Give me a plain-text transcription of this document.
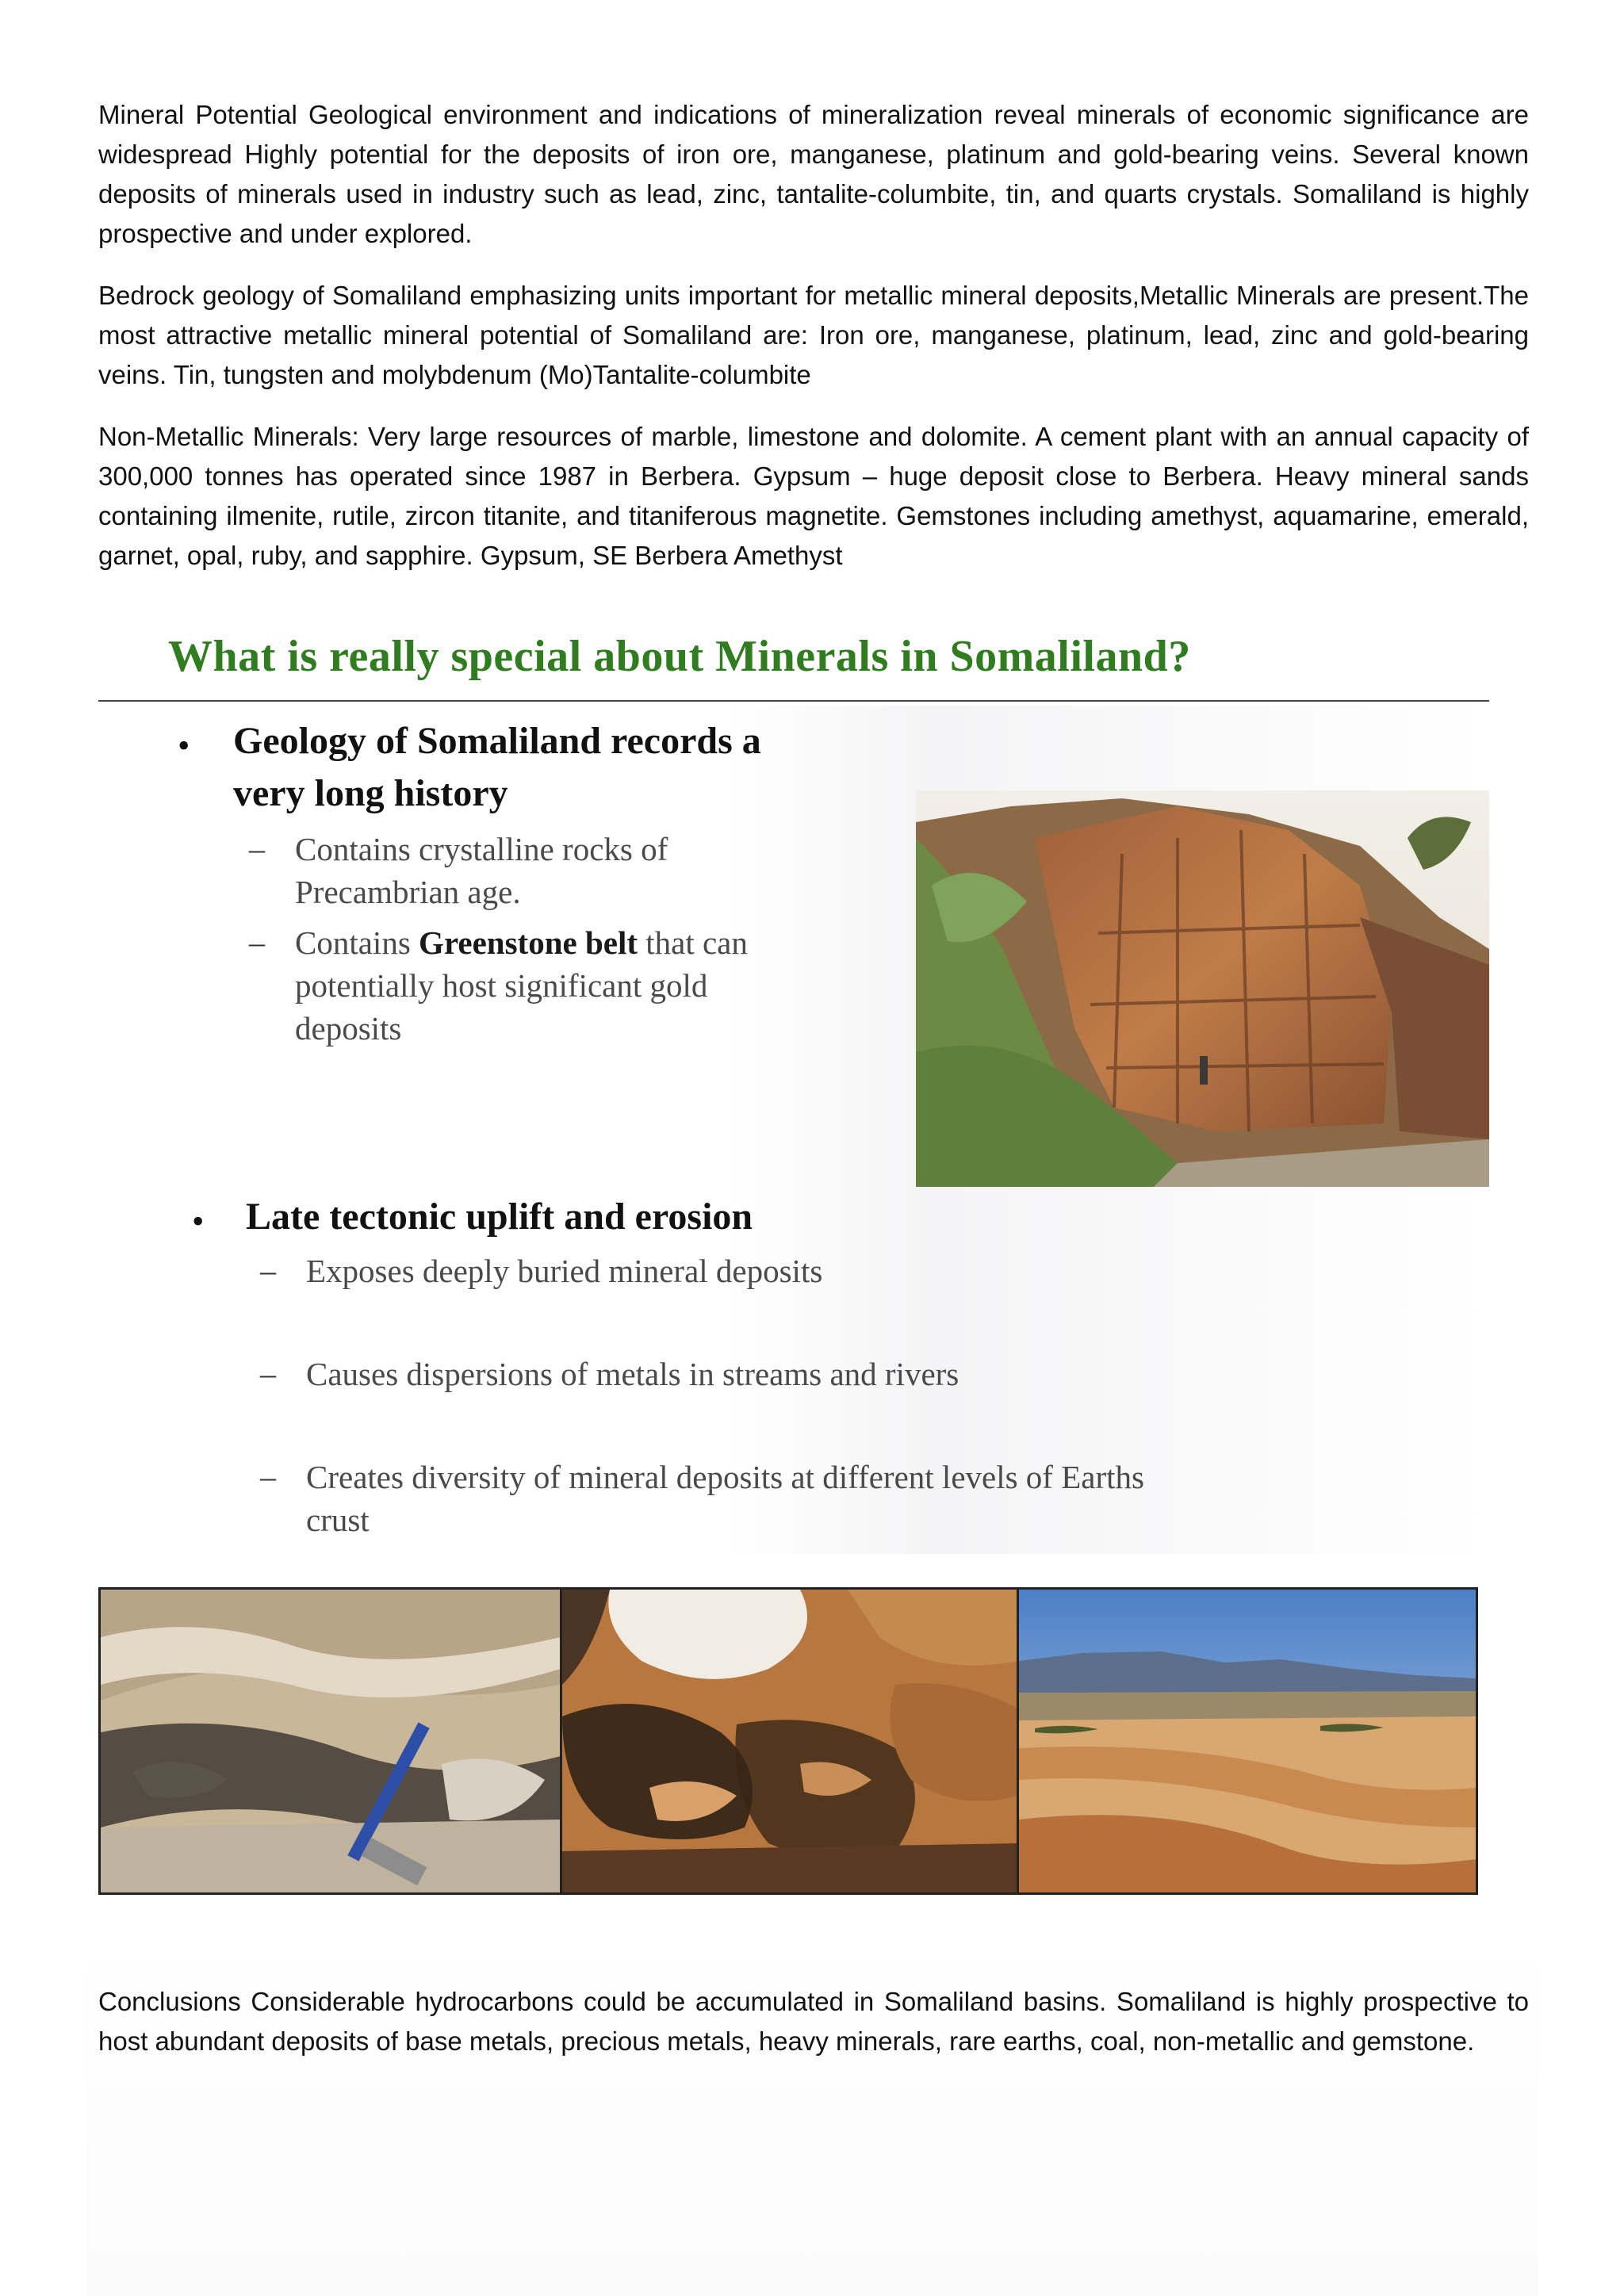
Mineral Potential Geological environment and indications of mineralization reveal minerals of economic significance are widespread Highly potential for the deposits of iron ore, manganese, platinum and gold-bearing veins. Several known deposits of minerals used in industry such as lead, zinc, tantalite-columbite, tin, and quarts crystals. Somaliland is highly prospective and under explored.

Bedrock geology of Somaliland emphasizing units important for metallic mineral deposits,Metallic Minerals are present.The most attractive metallic mineral potential of Somaliland are: Iron ore, manganese, platinum, lead, zinc and gold-bearing veins. Tin, tungsten and molybdenum (Mo)Tantalite-columbite

Non-Metallic Minerals: Very large resources of marble, limestone and dolomite. A cement plant with an annual capacity of 300,000 tonnes has operated since 1987 in Berbera. Gypsum – huge deposit close to Berbera. Heavy mineral sands containing ilmenite, rutile, zircon titanite, and titaniferous magnetite. Gemstones including amethyst, aquamarine, emerald, garnet, opal, ruby, and sapphire. Gypsum, SE Berbera Amethyst

What is really special about Minerals in Somaliland?
• Geology of Somaliland records a
very long history
– Contains crystalline rocks of
Precambrian age.
– Contains Greenstone belt that can
potentially host significant gold
deposits
• Late tectonic uplift and erosion
– Exposes deeply buried mineral deposits
– Causes dispersions of metals in streams and rivers
– Creates diversity of mineral deposits at different levels of Earths
crust

Conclusions Considerable hydrocarbons could be accumulated in Somaliland basins. Somaliland is highly prospective to host abundant deposits of base metals, precious metals, heavy minerals, rare earths, coal, non-metallic and gemstone.
